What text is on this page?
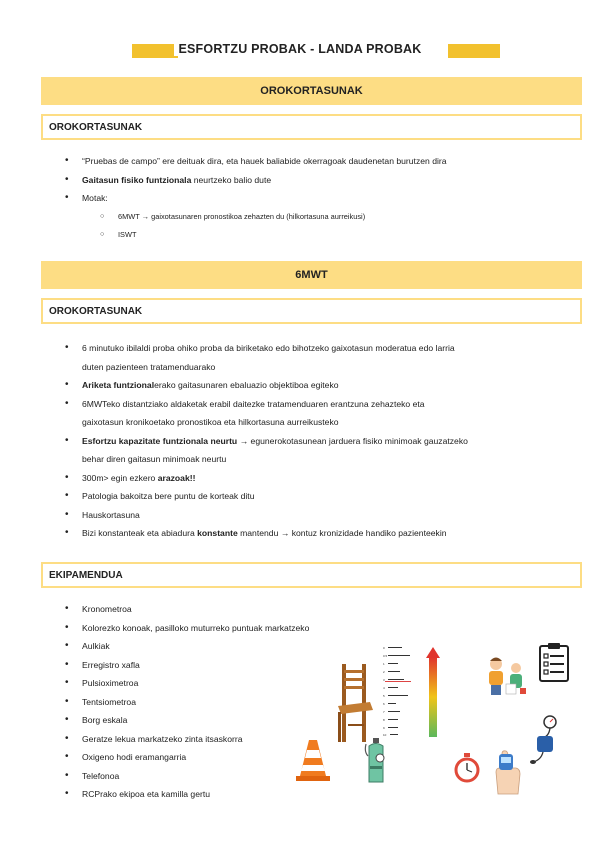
ESFORTZU PROBAK - LANDA PROBAK
OROKORTASUNAK
OROKORTASUNAK
• “Pruebas de campo” ere deituak dira, eta hauek baliabide okerragoak daudenetan burutzen dira
• Gaitasun fisiko funtzionala neurtzeko balio dute
• Motak:
○ 6MWT → gaixotasunaren pronostikoa zehazten du (hilkortasuna aurreikusi)
○ ISWT
6MWT
OROKORTASUNAK
• 6 minutuko ibilaldi proba ohiko proba da biriketako edo bihotzeko gaixotasun moderatua edo larria
duten pazienteen tratamenduarako
• Ariketa funtzionalerako gaitasunaren ebaluazio objektiboa egiteko
• 6MWTeko distantziako aldaketak erabil daitezke tratamenduaren erantzuna zehazteko eta
gaixotasun kronikoetako pronostikoa eta hilkortasuna aurreikusteko
• Esfortzu kapazitate funtzionala neurtu → egunerokotasunean jarduera fisiko minimoak gauzatzeko
behar diren gaitasun minimoak neurtu
• 300m> egin ezkero arazoak!!
• Patologia bakoitza bere puntu de korteak ditu
• Hauskortasuna
• Bizi konstanteak eta abiadura konstante mantendu → kontuz kronizidade handiko pazienteekin
EKIPAMENDUA
• Kronometroa
• Kolorezko konoak, pasilloko muturreko puntuak markatzeko
• Aulkiak
• Erregistro xafla
• Pulsioximetroa
• Tentsiometroa
• Borg eskala
• Geratze lekua markatzeko zinta itsaskorra
• Oxigeno hodi eramangarria
• Telefonoa
• RCPrako ekipoa eta kamilla gertu
0
0.5
1
2
3
4
5
6
7
8
9
10
